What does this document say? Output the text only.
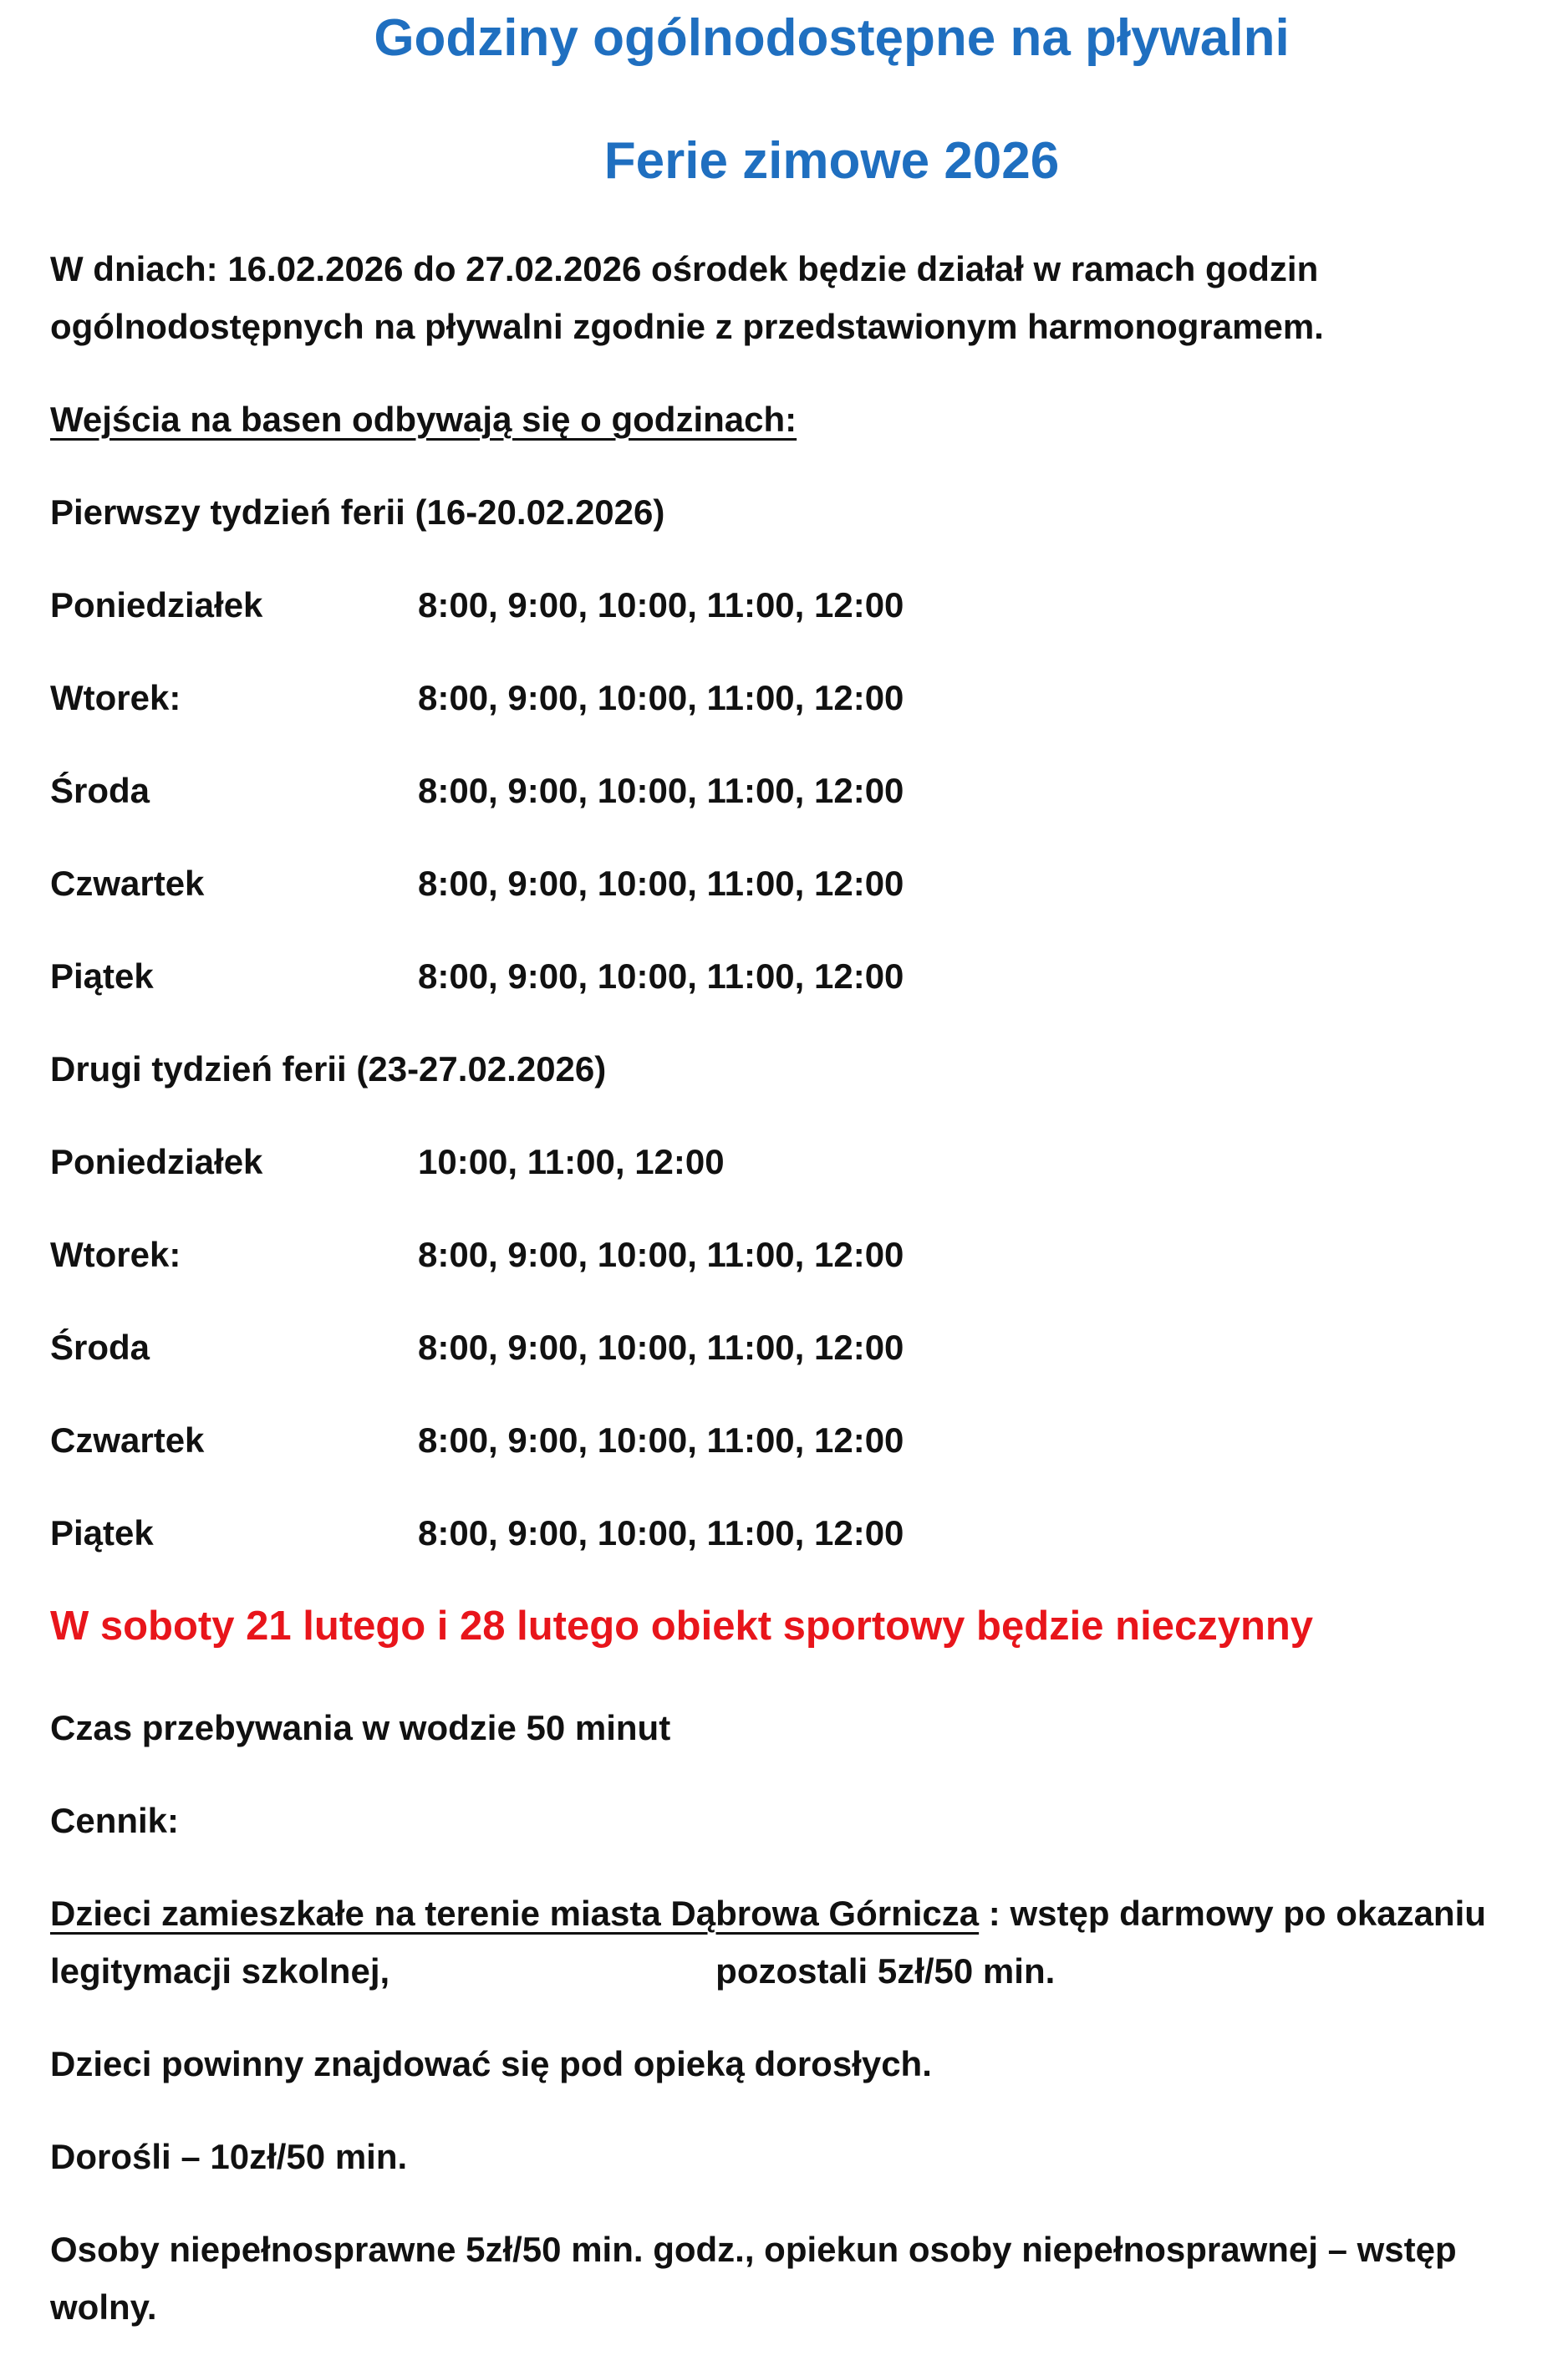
Godziny ogólnodostępne na pływalni
Ferie zimowe 2026
W dniach: 16.02.2026 do 27.02.2026 ośrodek będzie działał w ramach godzin
ogólnodostępnych na pływalni zgodnie z przedstawionym harmonogramem.
Wejścia na basen odbywają się o godzinach:
Pierwszy tydzień ferii (16-20.02.2026)
Poniedziałek	8:00, 9:00, 10:00, 11:00, 12:00
Wtorek:	8:00, 9:00, 10:00, 11:00, 12:00
Środa	8:00, 9:00, 10:00, 11:00, 12:00
Czwartek	8:00, 9:00, 10:00, 11:00, 12:00
Piątek	8:00, 9:00, 10:00, 11:00, 12:00
Drugi tydzień ferii (23-27.02.2026)
Poniedziałek	10:00, 11:00, 12:00
Wtorek:	8:00, 9:00, 10:00, 11:00, 12:00
Środa	8:00, 9:00, 10:00, 11:00, 12:00
Czwartek	8:00, 9:00, 10:00, 11:00, 12:00
Piątek	8:00, 9:00, 10:00, 11:00, 12:00
W soboty 21 lutego i 28 lutego obiekt sportowy będzie nieczynny
Czas przebywania w wodzie 50 minut
Cennik:
Dzieci zamieszkałe na terenie miasta Dąbrowa Górnicza : wstęp darmowy po okazaniu
legitymacji szkolnej,	pozostali 5zł/50 min.
Dzieci powinny znajdować się pod opieką dorosłych.
Dorośli – 10zł/50 min.
Osoby niepełnosprawne 5zł/50 min. godz., opiekun osoby niepełnosprawnej – wstęp
wolny.
